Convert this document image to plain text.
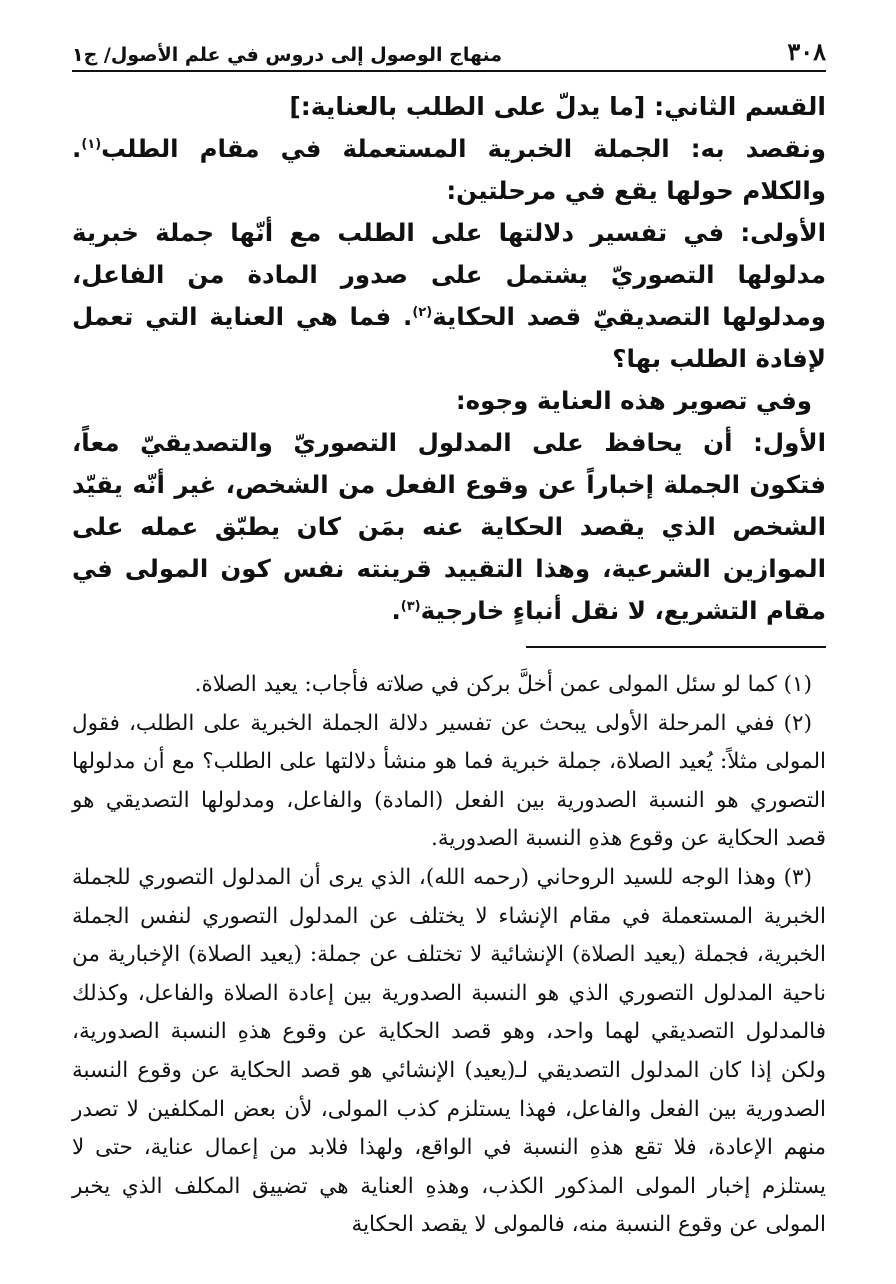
٣٠٨
منهاج الوصول إلى دروس في علم الأصول/ ج١

القسم الثاني: [ما يدلّ على الطلب بالعناية:]

ونقصد به: الجملة الخبرية المستعملة في مقام الطلب$^{(١)}$. والكلام حولها يقع في مرحلتين:

الأولى: في تفسير دلالتها على الطلب مع أنّها جملة خبرية مدلولها التصوريّ يشتمل على صدور المادة من الفاعل، ومدلولها التصديقيّ قصد الحكاية$^{(٢)}$. فما هي العناية التي تعمل لإفادة الطلب بها؟

وفي تصوير هذه العناية وجوه:

الأول: أن يحافظ على المدلول التصوريّ والتصديقيّ معاً، فتكون الجملة إخباراً عن وقوع الفعل من الشخص، غير أنّه يقيّد الشخص الذي يقصد الحكاية عنه بمَن كان يطبّق عمله على الموازين الشرعية، وهذا التقييد قرينته نفس كون المولى في مقام التشريع، لا نقل أنباءٍ خارجية$^{(٣)}$.

(١) كما لو سئل المولى عمن أخلَّ بركن في صلاته فأجاب: يعيد الصلاة.

(٢) ففي المرحلة الأولى يبحث عن تفسير دلالة الجملة الخبرية على الطلب، فقول المولى مثلاً: يُعيد الصلاة، جملة خبرية فما هو منشأ دلالتها على الطلب؟ مع أن مدلولها التصوري هو النسبة الصدورية بين الفعل (المادة) والفاعل، ومدلولها التصديقي هو قصد الحكاية عن وقوع هذهِ النسبة الصدورية.

(٣) وهذا الوجه للسيد الروحاني (رحمه الله)، الذي يرى أن المدلول التصوري للجملة الخبرية المستعملة في مقام الإنشاء لا يختلف عن المدلول التصوري لنفس الجملة الخبرية، فجملة (يعيد الصلاة) الإنشائية لا تختلف عن جملة: (يعيد الصلاة) الإخبارية من ناحية المدلول التصوري الذي هو النسبة الصدورية بين إعادة الصلاة والفاعل، وكذلك فالمدلول التصديقي لهما واحد، وهو قصد الحكاية عن وقوع هذهِ النسبة الصدورية، ولكن إذا كان المدلول التصديقي لـ(يعيد) الإنشائي هو قصد الحكاية عن وقوع النسبة الصدورية بين الفعل والفاعل، فهذا يستلزم كذب المولى، لأن بعض المكلفين لا تصدر منهم الإعادة، فلا تقع هذهِ النسبة في الواقع، ولهذا فلابد من إعمال عناية، حتى لا يستلزم إخبار المولى المذكور الكذب، وهذهِ العناية هي تضييق المكلف الذي يخبر المولى عن وقوع النسبة منه، فالمولى لا يقصد الحكاية
